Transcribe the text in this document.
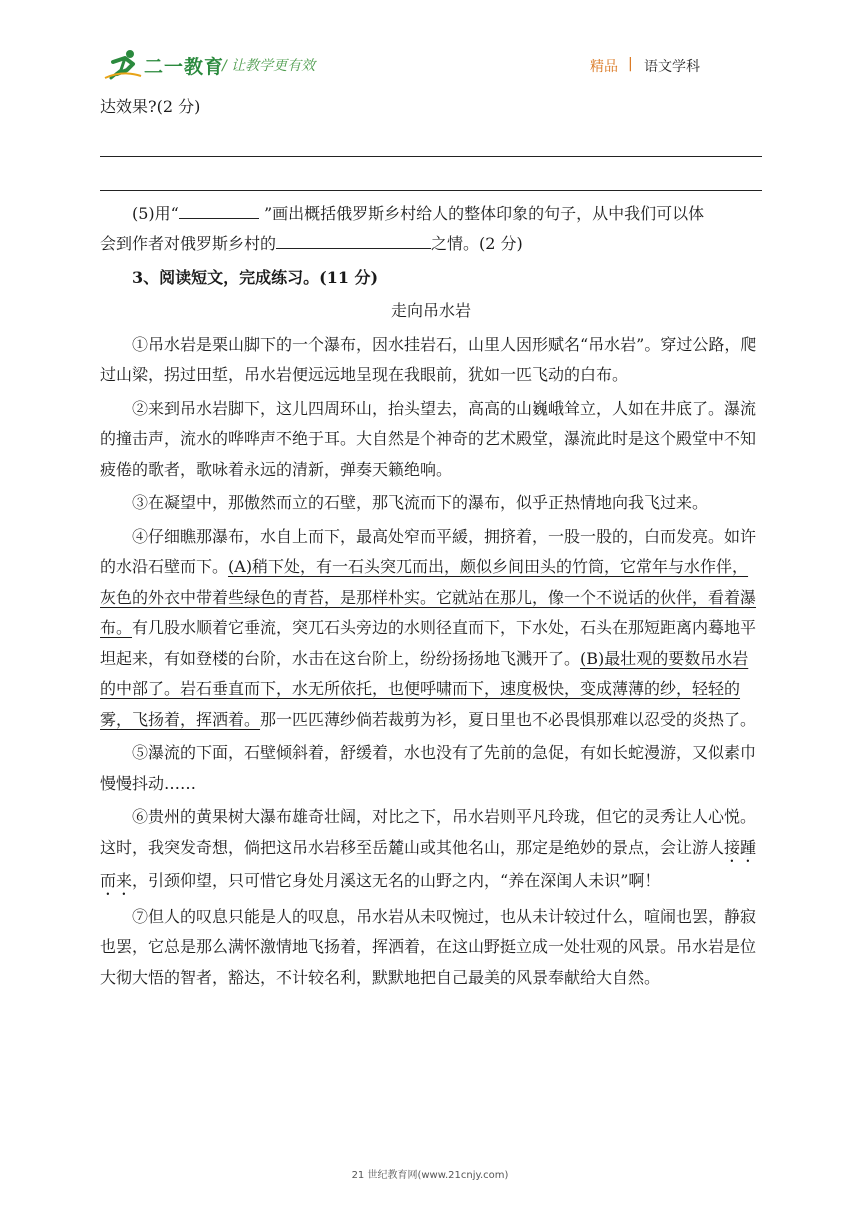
二一教育
/ 让教学更有效	精品 | 语文学科

达效果?(2 分)

(5)用“	”画出概括俄罗斯乡村给人的整体印象的句子，从中我们可以体

会到作者对俄罗斯乡村的	之情。(2 分)

3、阅读短文，完成练习。(11 分)

走向吊水岩

①吊水岩是栗山脚下的一个瀑布，因水挂岩石，山里人因形赋名“吊水岩”。穿过公路，爬过山梁，拐过田埑，吊水岩便远远地呈现在我眼前，犹如一匹飞动的白布。

②来到吊水岩脚下，这儿四周环山，抬头望去，高高的山巍峨耸立，人如在井底了。瀑流的撞击声，流水的哗哗声不绝于耳。大自然是个神奇的艺术殿堂，瀑流此时是这个殿堂中不知疲倦的歌者，歌咏着永远的清新，弹奏天籁绝响。

③在凝望中，那傲然而立的石壁，那飞流而下的瀑布，似乎正热情地向我飞过来。

④仔细瞧那瀑布，水自上而下，最高处窄而平緩，拥挤着，一股一股的，白而发亮。如许的水沿石壁而下。(A)稍下处，有一石头突兀而出，颇似乡间田头的竹筒，它常年与水作伴，灰色的外衣中带着些绿色的青苔，是那样朴实。它就站在那儿，像一个不说话的伙伴，看着瀑布。有几股水顺着它垂流，突兀石头旁边的水则径直而下，下水处，石头在那短距离内蓦地平坦起来，有如登楼的台阶，水击在这台阶上，纷纷扬扬地飞溅开了。(B)最壮观的要数吊水岩的中部了。岩石垂直而下，水无所依托，也便呼啸而下，速度极快，变成薄薄的纱，轻轻的雾，飞扬着，挥洒着。那一匹匹薄纱倘若裁剪为衫，夏日里也不必畏惧那难以忍受的炎热了。

⑤瀑流的下面，石壁倾斜着，舒缓着，水也没有了先前的急促，有如长蛇漫游，又似素巾慢慢抖动……

⑥贵州的黄果树大瀑布雄奇壮阔，对比之下，吊水岩则平凡玲珑，但它的灵秀让人心悦。这时，我突发奇想，倘把这吊水岩移至岳麓山或其他名山，那定是绝妙的景点，会让游人接踵而来，引颈仰望，只可惜它身处月溪这无名的山野之内，“养在深闺人未识”啊！

⑦但人的叹息只能是人的叹息，吊水岩从未叹惋过，也从未计较过什么，喧闹也罢，静寂也罢，它总是那么满怀激情地飞扬着，挥洒着，在这山野挺立成一处壮观的风景。吊水岩是位大彻大悟的智者，豁达，不计较名利，默默地把自己最美的风景奉献给大自然。

21 世纪教育网(www.21cnjy.com)
